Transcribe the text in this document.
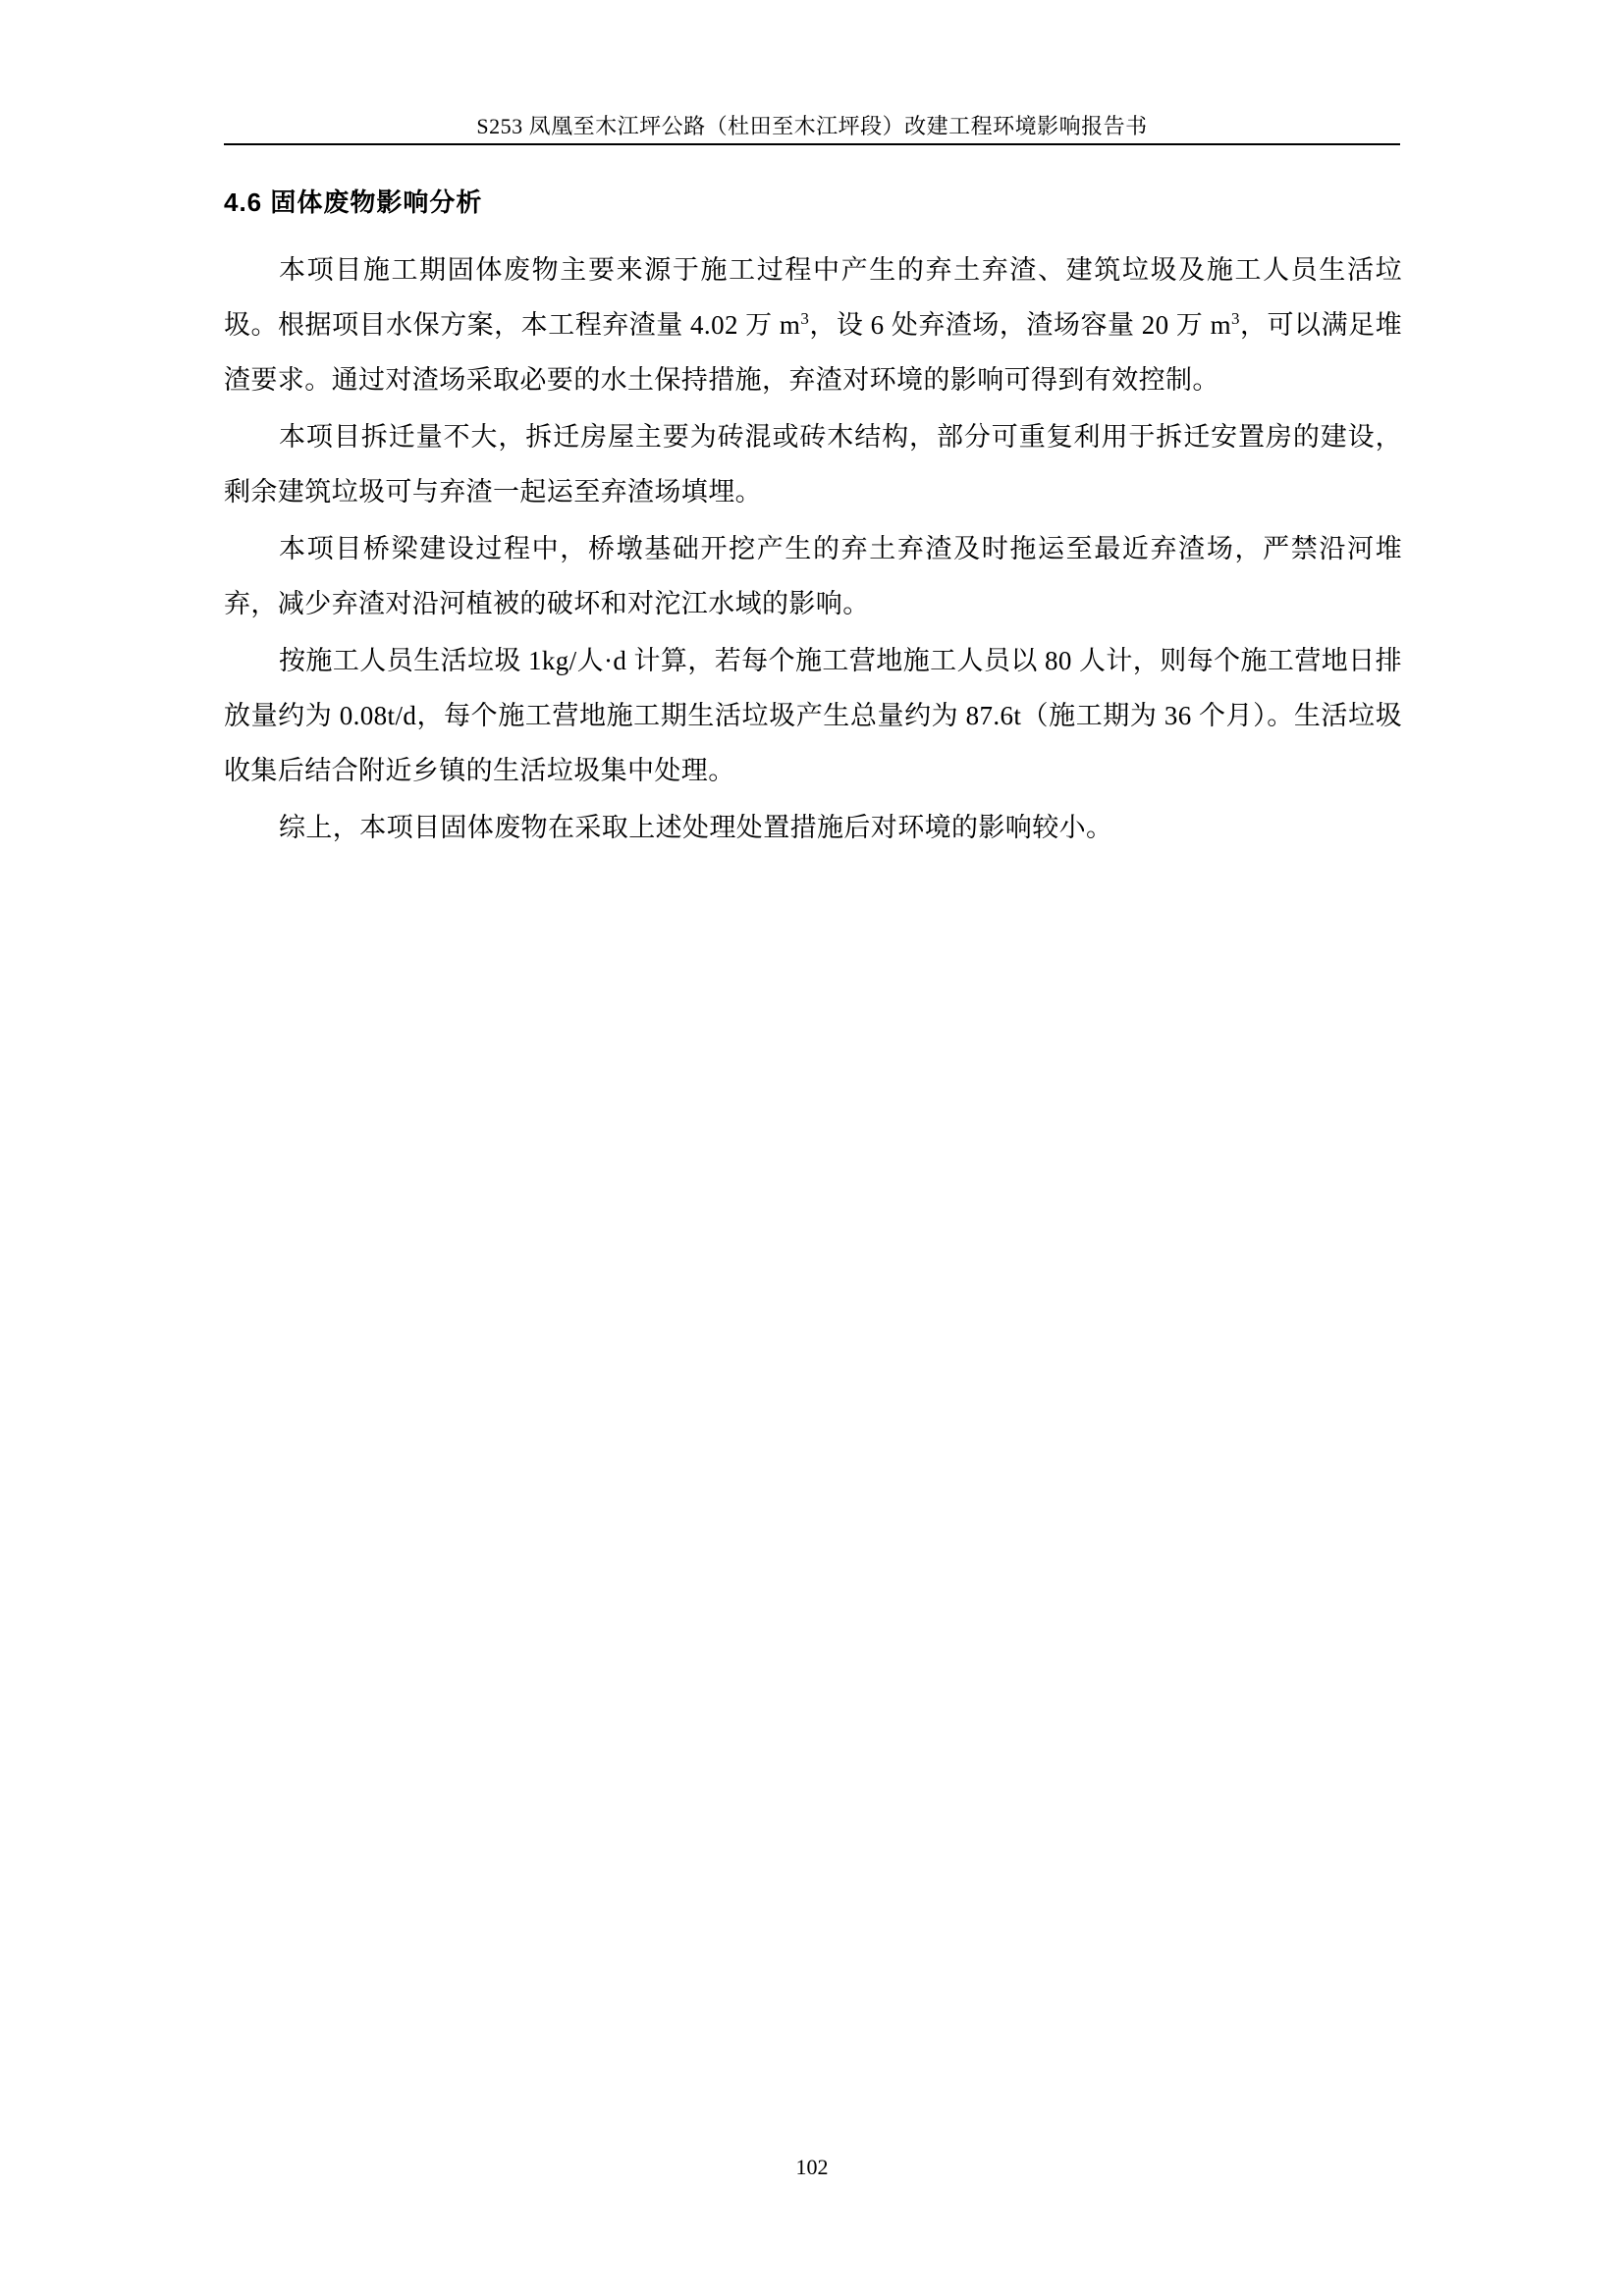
S253 凤凰至木江坪公路（杜田至木江坪段）改建工程环境影响报告书
4.6 固体废物影响分析

本项目施工期固体废物主要来源于施工过程中产生的弃土弃渣、建筑垃圾及施工人员生活垃圾。根据项目水保方案，本工程弃渣量 4.02 万 $m^3$，设 6 处弃渣场，渣场容量 20 万 $m^3$，可以满足堆渣要求。通过对渣场采取必要的水土保持措施，弃渣对环境的影响可得到有效控制。

本项目拆迁量不大，拆迁房屋主要为砖混或砖木结构，部分可重复利用于拆迁安置房的建设，剩余建筑垃圾可与弃渣一起运至弃渣场填埋。

本项目桥梁建设过程中，桥墩基础开挖产生的弃土弃渣及时拖运至最近弃渣场，严禁沿河堆弃，减少弃渣对沿河植被的破坏和对沱江水域的影响。

按施工人员生活垃圾 1kg/人·d 计算，若每个施工营地施工人员以 80 人计，则每个施工营地日排放量约为 0.08t/d，每个施工营地施工期生活垃圾产生总量约为 87.6t（施工期为 36 个月）。生活垃圾收集后结合附近乡镇的生活垃圾集中处理。

综上，本项目固体废物在采取上述处理处置措施后对环境的影响较小。

102
